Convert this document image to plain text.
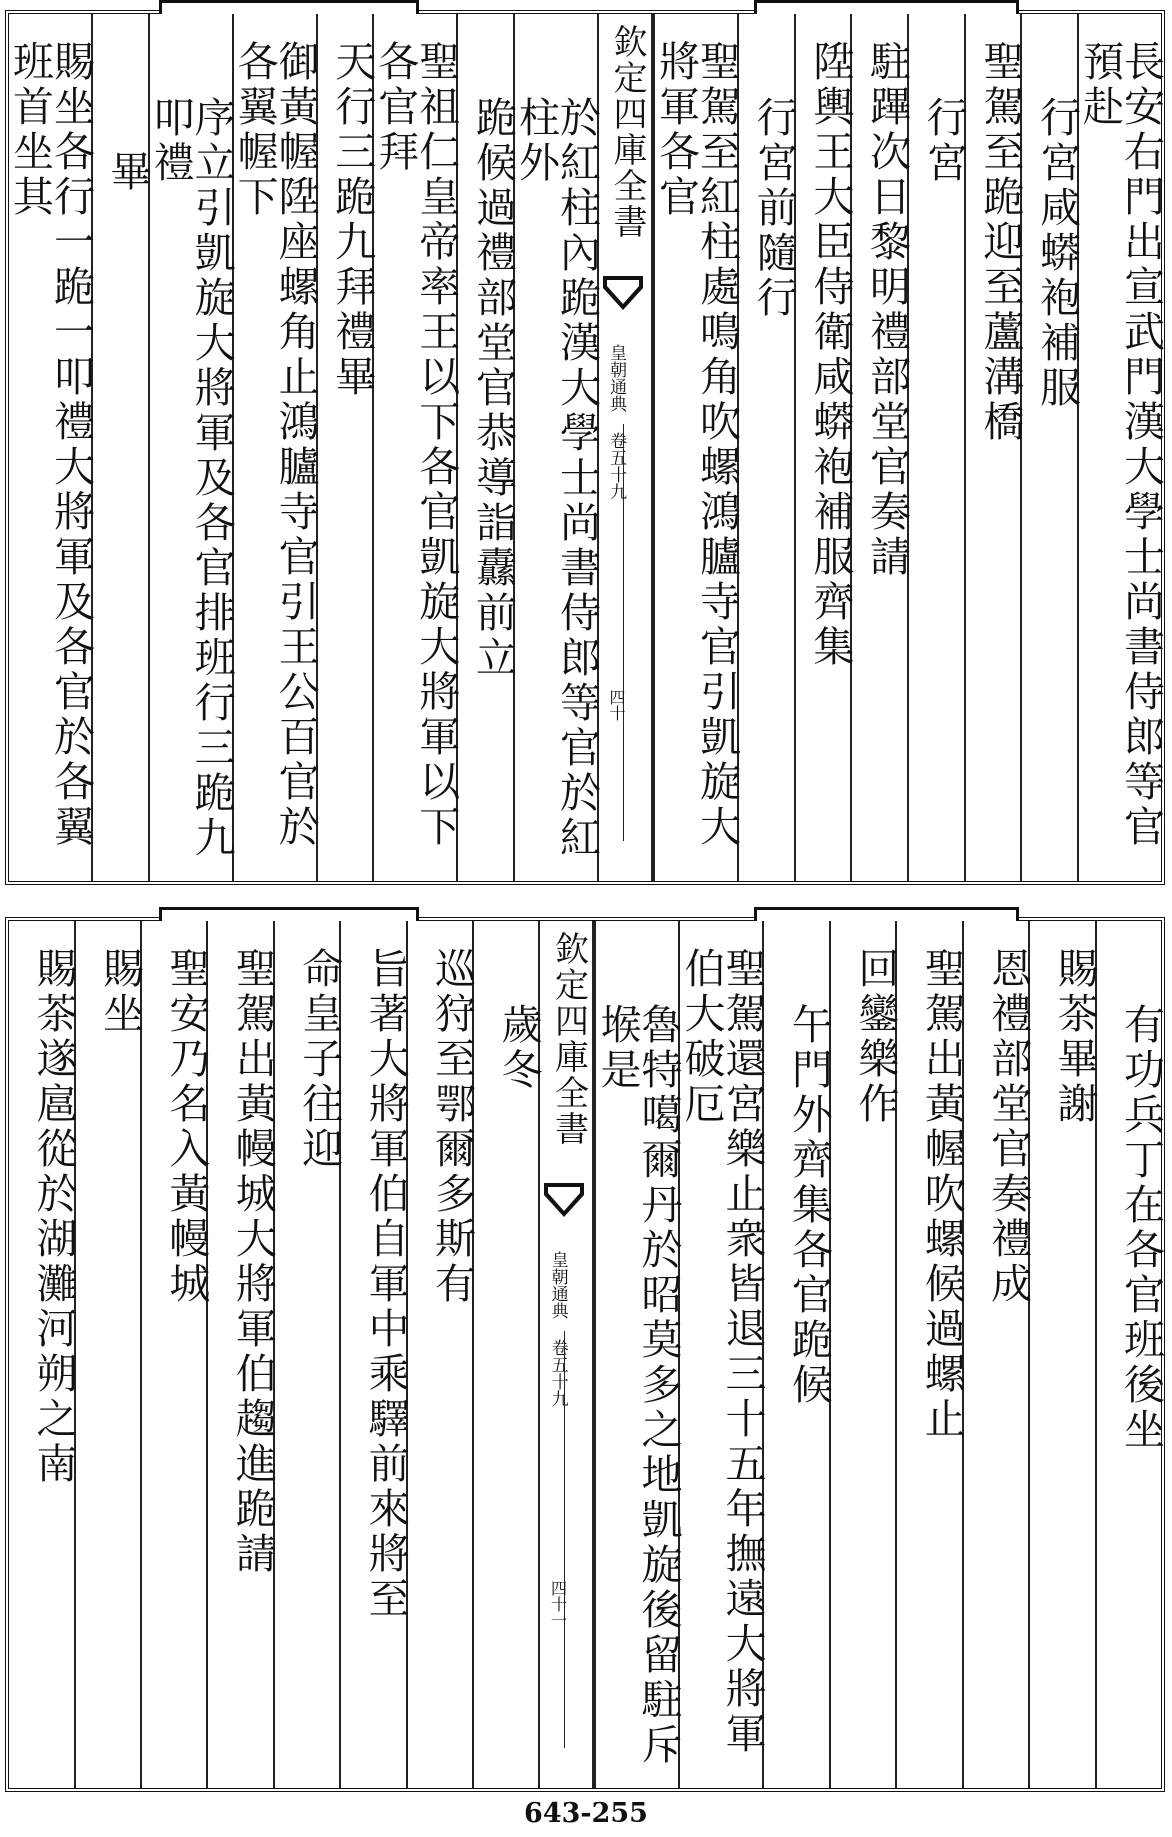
長安右門出宣武門漢大學士尚書侍郎等官預赴
行宮咸蟒袍補服
聖駕至跪迎至蘆溝橋
行宮
駐蹕次日黎明禮部堂官奏請
陞輿王大臣侍衛咸蟒袍補服齊集
行宮前隨行
聖駕至紅柱處鳴角吹螺鴻臚寺官引凱旋大將軍各官
欽定四庫全書
皇朝通典 卷五十九
四十
於紅柱內跪漢大學士尚書侍郎等官於紅柱外
跪候過禮部堂官恭導詣纛前立
聖祖仁皇帝率王以下各官凱旋大將軍以下各官拜
天行三跪九拜禮畢
御黃幄陞座螺角止鴻臚寺官引王公百官於各翼幄下
序立引凱旋大將軍及各官排班行三跪九叩禮
畢
賜坐各行一跪一叩禮大將軍及各官於各翼班首坐其
有功兵丁在各官班後坐
賜茶畢謝
恩禮部堂官奏禮成
聖駕出黃幄吹螺候過螺止
回鑾樂作
午門外齊集各官跪候
聖駕還宮樂止衆皆退三十五年撫遠大將軍伯大破厄
魯特噶爾丹於昭莫多之地凱旋後留駐斥堠是
欽定四庫全書
皇朝通典 卷五十九
四十一
歲冬
巡狩至鄂爾多斯有
旨著大將軍伯自軍中乘驛前來將至
命皇子往迎
聖駕出黃幔城大將軍伯趨進跪請
聖安乃名入黃幔城
賜坐
賜茶遂扈從於湖灘河朔之南
643-255
